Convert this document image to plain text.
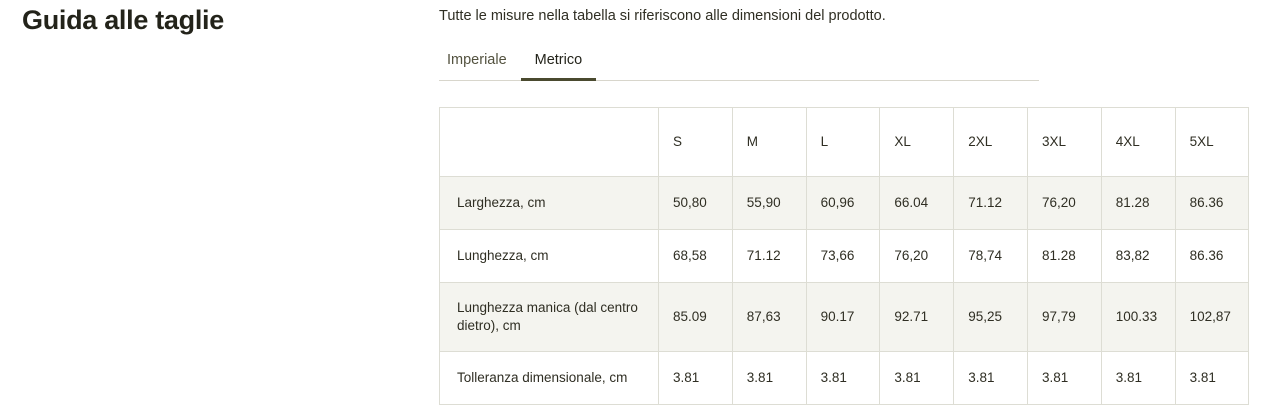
Guida alle taglie	Tutte le misure nella tabella si riferiscono alle dimensioni del prodotto.

Imperiale	Metrico
	S	M	L	XL	2XL	3XL	4XL	5XL
Larghezza, cm	50,80	55,90	60,96	66.04	71.12	76,20	81.28	86.36
Lunghezza, cm	68,58	71.12	73,66	76,20	78,74	81.28	83,82	86.36
Lunghezza manica (dal centro dietro), cm	85.09	87,63	90.17	92.71	95,25	97,79	100.33	102,87
Tolleranza dimensionale, cm	3.81	3.81	3.81	3.81	3.81	3.81	3.81	3.81
